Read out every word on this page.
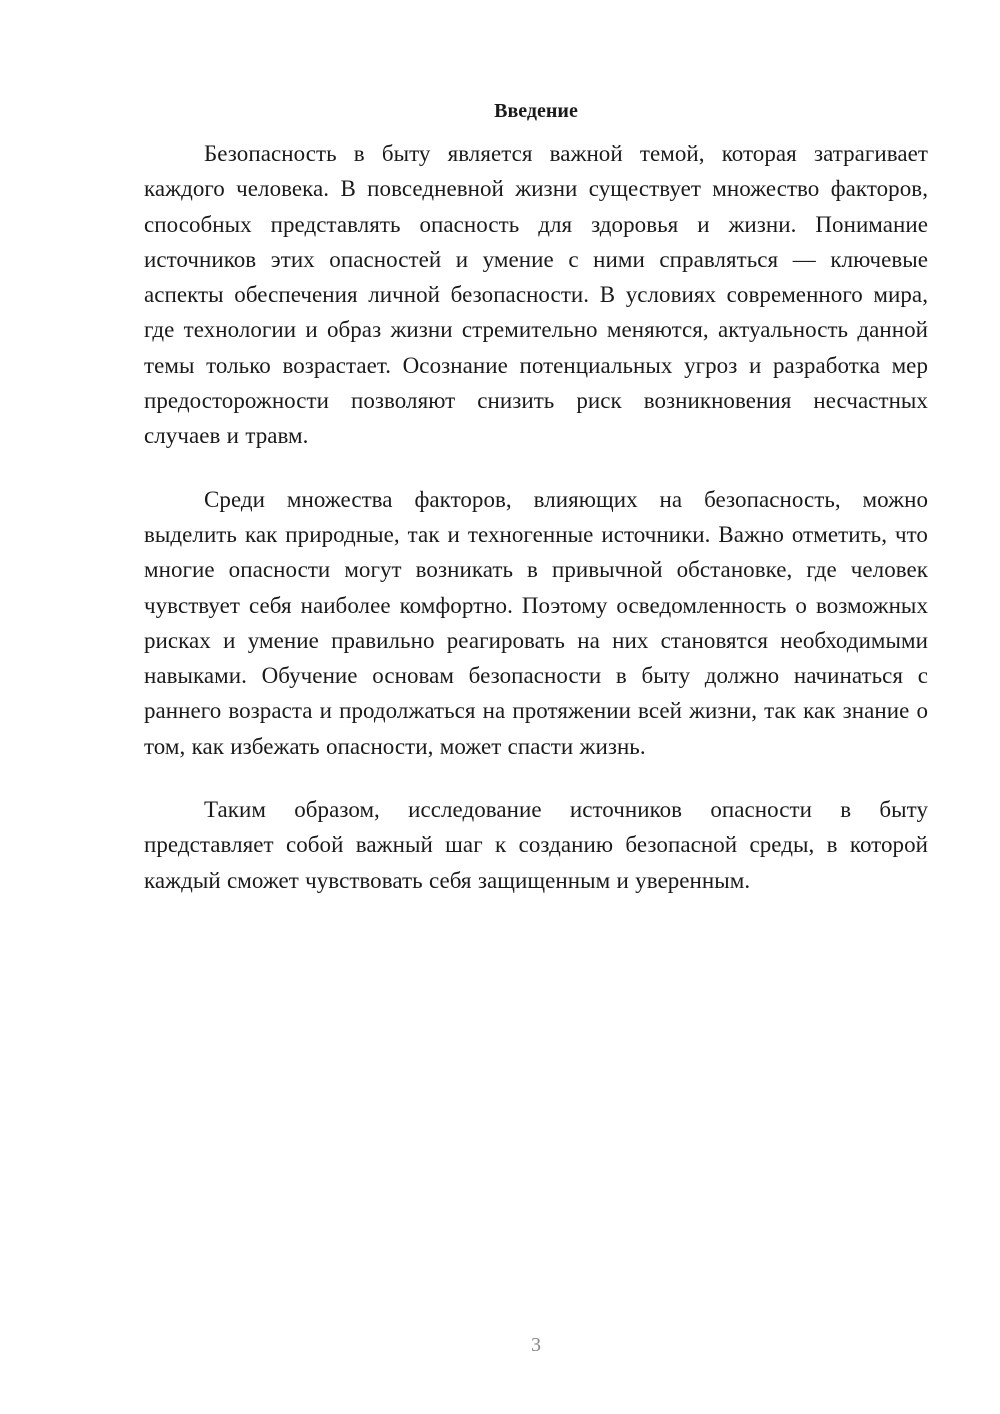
Введение

Безопасность в быту является важной темой, которая затрагивает каждого человека. В повседневной жизни существует множество факторов, способных представлять опасность для здоровья и жизни. Понимание источников этих опасностей и умение с ними справляться — ключевые аспекты обеспечения личной безопасности. В условиях современного мира, где технологии и образ жизни стремительно меняются, актуальность данной темы только возрастает. Осознание потенциальных угроз и разработка мер предосторожности позволяют снизить риск возникновения несчастных случаев и травм.

Среди множества факторов, влияющих на безопасность, можно выделить как природные, так и техногенные источники. Важно отметить, что многие опасности могут возникать в привычной обстановке, где человек чувствует себя наиболее комфортно. Поэтому осведомленность о возможных рисках и умение правильно реагировать на них становятся необходимыми навыками. Обучение основам безопасности в быту должно начинаться с раннего возраста и продолжаться на протяжении всей жизни, так как знание о том, как избежать опасности, может спасти жизнь.

Таким образом, исследование источников опасности в быту представляет собой важный шаг к созданию безопасной среды, в которой каждый сможет чувствовать себя защищенным и уверенным.

3
